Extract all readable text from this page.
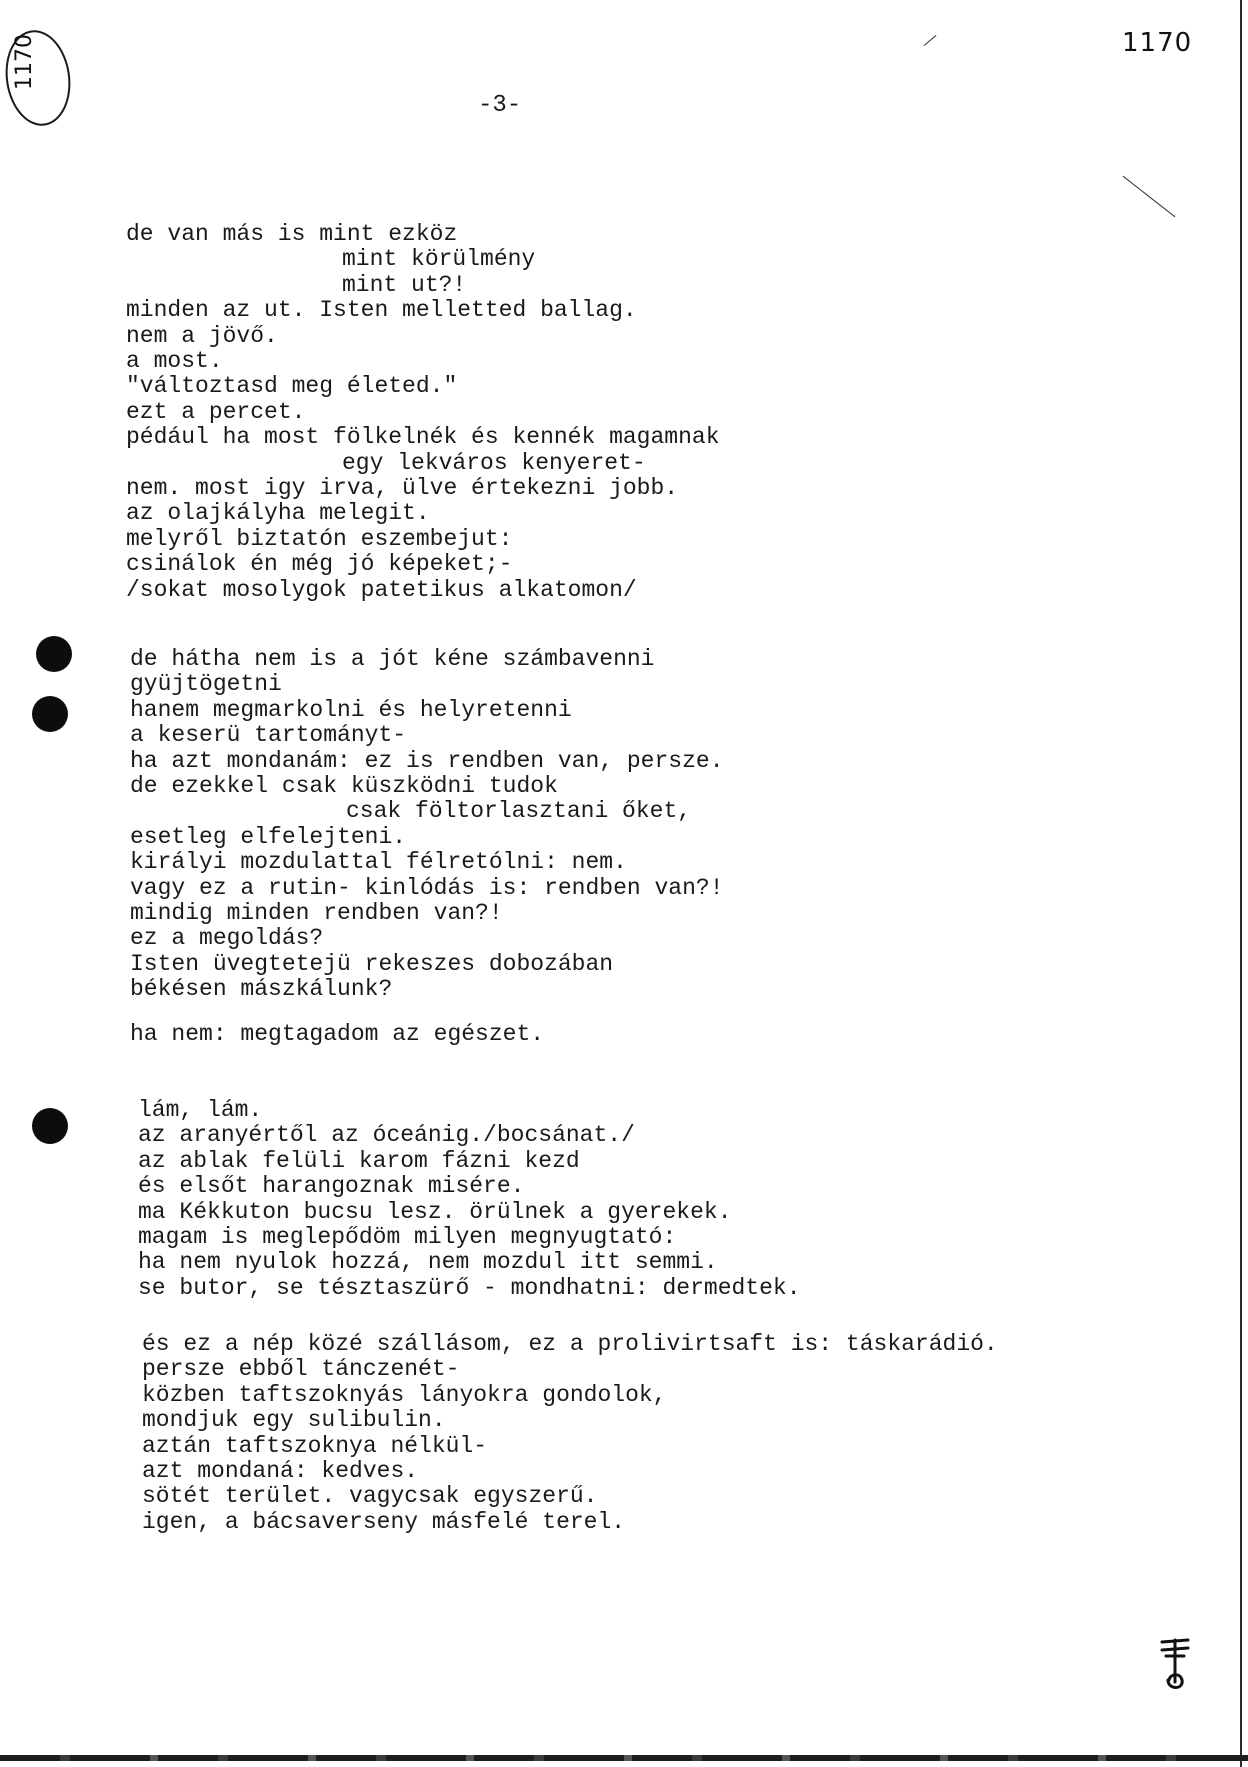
1170	1170
-3-
de van más is mint ezköz
mint körülmény
mint ut?!
minden az ut. Isten melletted ballag.
nem a jövő.
a most.
"változtasd meg életed."
ezt a percet.
pédául ha most fölkelnék és kennék magamnak
egy lekváros kenyeret-
nem. most igy irva, ülve értekezni jobb.
az olajkályha melegit.
melyről biztatón eszembejut:
csinálok én még jó képeket;-
/sokat mosolygok patetikus alkatomon/
de hátha nem is a jót kéne számbavenni
gyüjtögetni
hanem megmarkolni és helyretenni
a keserü tartományt-
ha azt mondanám: ez is rendben van, persze.
de ezekkel csak küszködni tudok
csak föltorlasztani őket,
esetleg elfelejteni.
királyi mozdulattal félretólni: nem.
vagy ez a rutin- kinlódás is: rendben van?!
mindig minden rendben van?!
ez a megoldás?
Isten üvegtetejü rekeszes dobozában
békésen mászkálunk?
ha nem: megtagadom az egészet.
lám, lám.
az aranyértől az óceánig./bocsánat./
az ablak felüli karom fázni kezd
és elsőt harangoznak misére.
ma Kékkuton bucsu lesz. örülnek a gyerekek.
magam is meglepődöm milyen megnyugtató:
ha nem nyulok hozzá, nem mozdul itt semmi.
se butor, se tésztaszürő - mondhatni: dermedtek.
és ez a nép közé szállásom, ez a prolivirtsaft is: táskarádió.
persze ebből tánczenét-
közben taftszoknyás lányokra gondolok,
mondjuk egy sulibulin.
aztán taftszoknya nélkül-
azt mondaná: kedves.
sötét terület. vagycsak egyszerű.
igen, a bácsaverseny másfelé terel.
